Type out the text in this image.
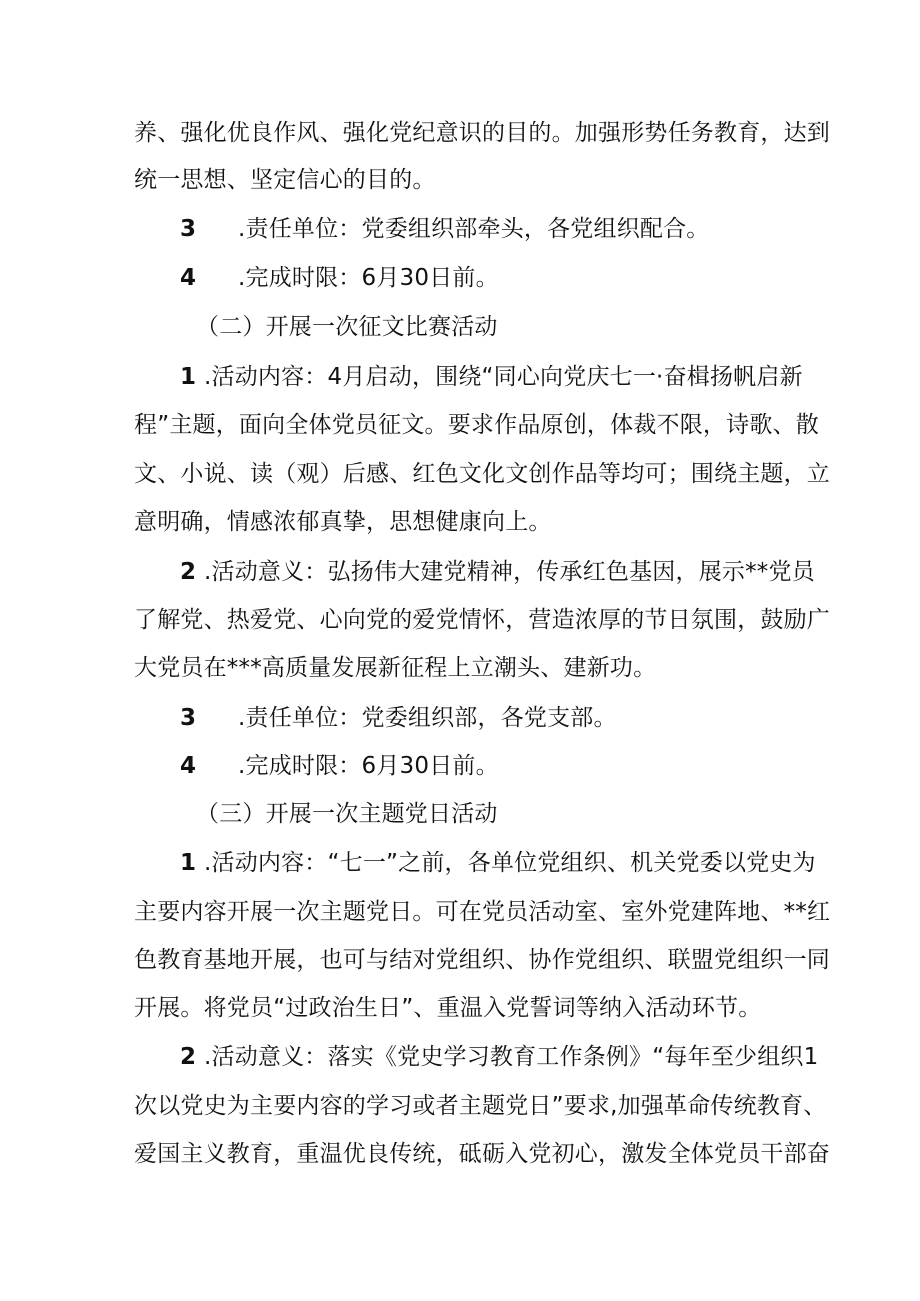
养、强化优良作风、强化党纪意识的目的。加强形势任务教育，达到
统一思想、坚定信心的目的。
3 .责任单位：党委组织部牵头，各党组织配合。
4 .完成时限：6月30日前。
（二）开展一次征文比赛活动
1 .活动内容：4月启动，围绕“同心向党庆七一·奋楫扬帆启新
程”主题，面向全体党员征文。要求作品原创，体裁不限，诗歌、散
文、小说、读（观）后感、红色文化文创作品等均可；围绕主题，立
意明确，情感浓郁真挚，思想健康向上。
2 .活动意义：弘扬伟大建党精神，传承红色基因，展示**党员
了解党、热爱党、心向党的爱党情怀，营造浓厚的节日氛围，鼓励广
大党员在***高质量发展新征程上立潮头、建新功。
3 .责任单位：党委组织部，各党支部。
4 .完成时限：6月30日前。
（三）开展一次主题党日活动
1 .活动内容：“七一”之前，各单位党组织、机关党委以党史为
主要内容开展一次主题党日。可在党员活动室、室外党建阵地、**红
色教育基地开展，也可与结对党组织、协作党组织、联盟党组织一同
开展。将党员“过政治生日”、重温入党誓词等纳入活动环节。
2 .活动意义：落实《党史学习教育工作条例》“每年至少组织1
次以党史为主要内容的学习或者主题党日”要求,加强革命传统教育、
爱国主义教育，重温优良传统，砥砺入党初心，激发全体党员干部奋
